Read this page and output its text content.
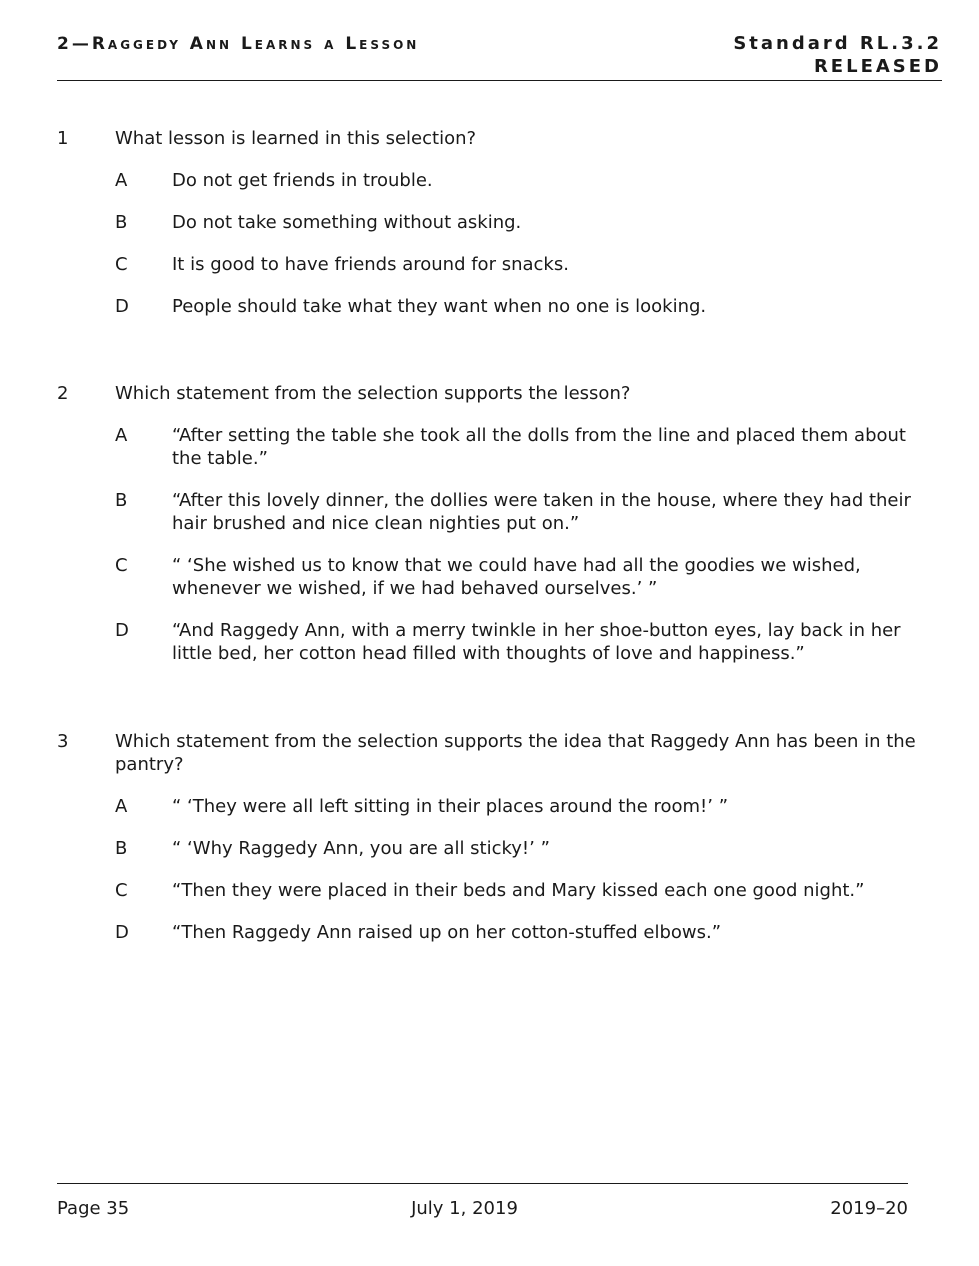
2—Raggedy Ann Learns a Lesson	Standard RL.3.2
RELEASED
1	What lesson is learned in this selection?
A Do not get friends in trouble.
B Do not take something without asking.
C It is good to have friends around for snacks.
D People should take what they want when no one is looking.
2	Which statement from the selection supports the lesson?
A “After setting the table she took all the dolls from the line and placed them about the table.”
B “After this lovely dinner, the dollies were taken in the house, where they had their hair brushed and nice clean nighties put on.”
C “ ‘She wished us to know that we could have had all the goodies we wished, whenever we wished, if we had behaved ourselves.’ ”
D “And Raggedy Ann, with a merry twinkle in her shoe-button eyes, lay back in her little bed, her cotton head filled with thoughts of love and happiness.”
3	Which statement from the selection supports the idea that Raggedy Ann has been in the pantry?
A “ ‘They were all left sitting in their places around the room!’ ”
B “ ‘Why Raggedy Ann, you are all sticky!’ ”
C “Then they were placed in their beds and Mary kissed each one good night.”
D “Then Raggedy Ann raised up on her cotton-stuffed elbows.”
Page 35	July 1, 2019	2019–20
